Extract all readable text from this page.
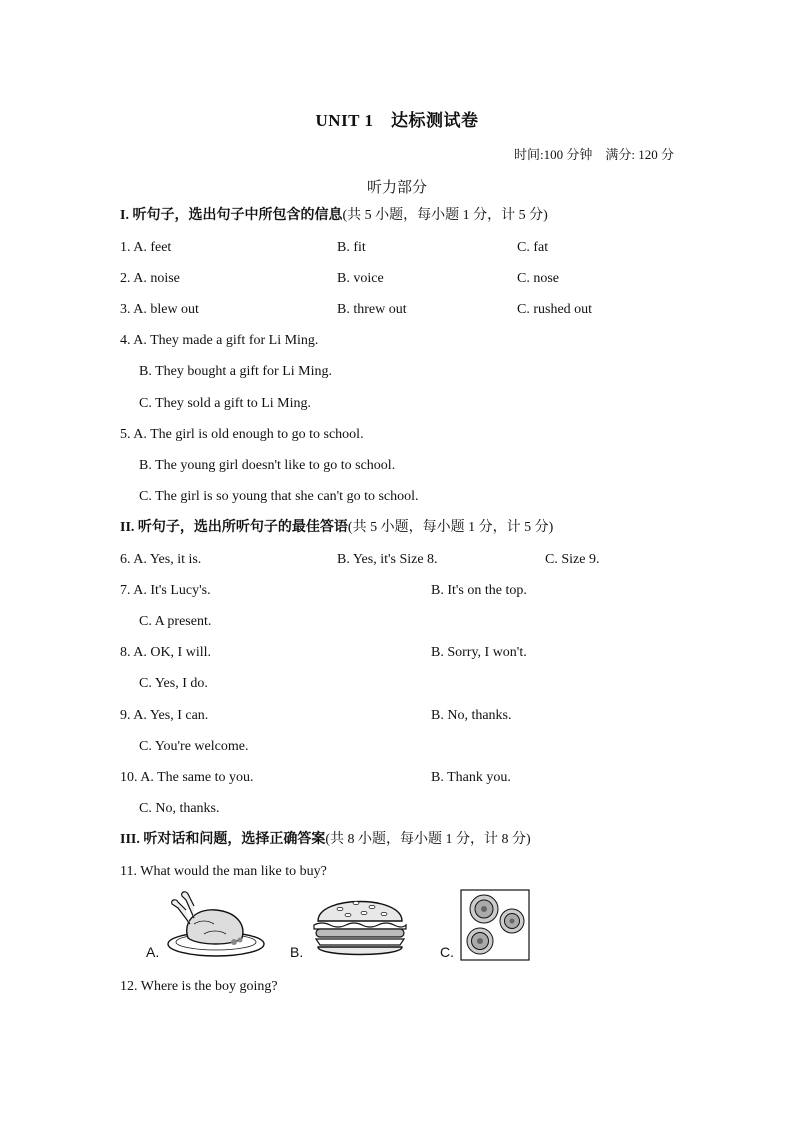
UNIT 1　达标测试卷
时间:100 分钟　满分: 120 分
听力部分
I. 听句子，选出句子中所包含的信息(共 5 小题，每小题 1 分，计 5 分)
1. A. feet	B. fit	C. fat
2. A. noise	B. voice	C. nose
3. A. blew out	B. threw out	C. rushed out
4. A. They made a gift for Li Ming.
B. They bought a gift for Li Ming.
C. They sold a gift to Li Ming.
5. A. The girl is old enough to go to school.
B. The young girl doesn't like to go to school.
C. The girl is so young that she can't go to school.
II. 听句子，选出所听句子的最佳答语(共 5 小题，每小题 1 分，计 5 分)
6. A. Yes, it is.	B. Yes, it's Size 8.	C. Size 9.
7. A. It's Lucy's.	B. It's on the top.
C. A present.
8. A. OK, I will.	B. Sorry, I won't.
C. Yes, I do.
9. A. Yes, I can.	B. No, thanks.
C. You're welcome.
10. A. The same to you.	B. Thank you.
C. No, thanks.
III. 听对话和问题，选择正确答案(共 8 小题，每小题 1 分，计 8 分)
11. What would the man like to buy?
A.	B.	C.
12. Where is the boy going?
